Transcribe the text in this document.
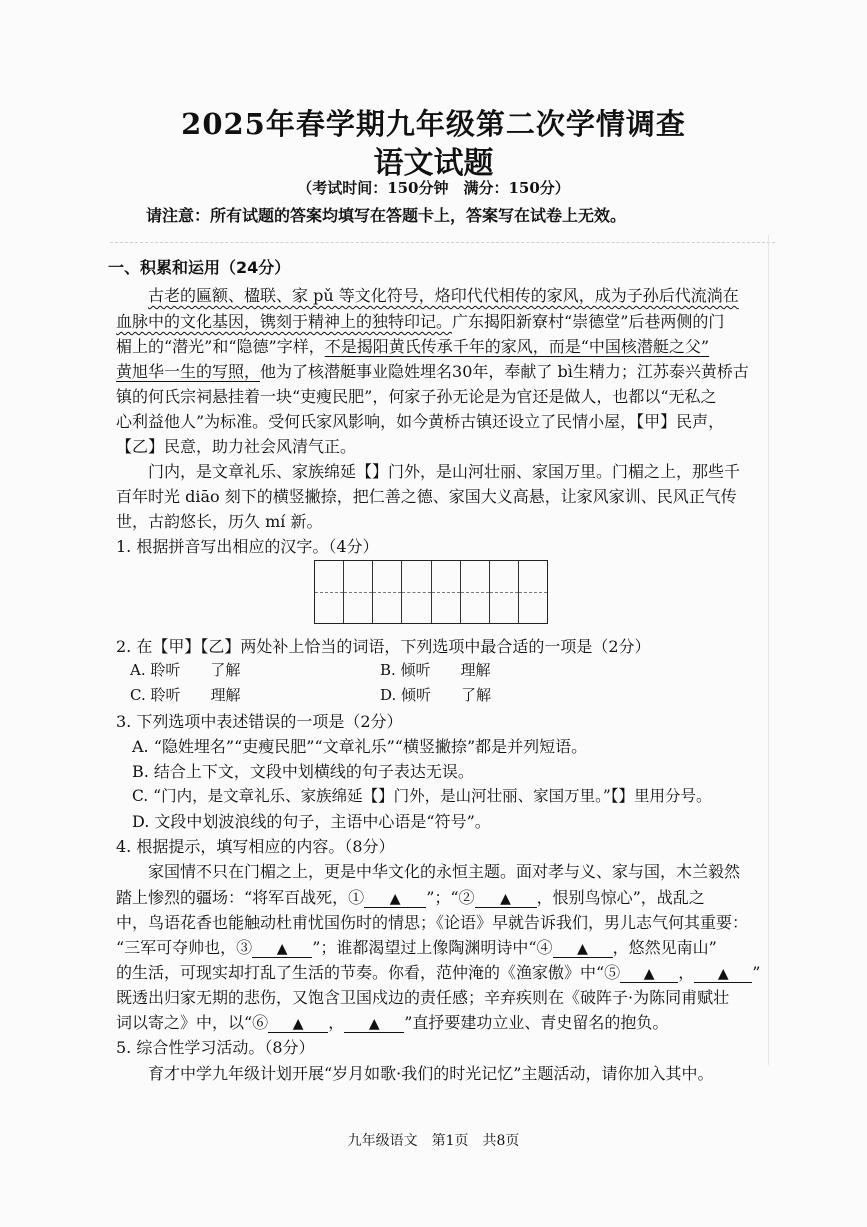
2025年春学期九年级第二次学情调查
语文试题
（考试时间：150分钟　满分：150分）
请注意：所有试题的答案均填写在答题卡上，答案写在试卷上无效。
一、积累和运用（24分）
古老的匾额、楹联、家 pǔ 等文化符号，烙印代代相传的家风，成为子孙后代流淌在
血脉中的文化基因，镌刻于精神上的独特印记。广东揭阳新寮村“崇德堂”后巷两侧的门
楣上的“潜光”和“隐德”字样，不是揭阳黄氏传承千年的家风，而是“中国核潜艇之父”
黄旭华一生的写照，他为了核潜艇事业隐姓埋名30年，奉献了 bì生精力；江苏泰兴黄桥古
镇的何氏宗祠悬挂着一块“吏瘦民肥”，何家子孙无论是为官还是做人，也都以“无私之
心利益他人”为标准。受何氏家风影响，如今黄桥古镇还设立了民情小屋，【甲】民声，
【乙】民意，助力社会风清气正。
门内，是文章礼乐、家族绵延【】门外，是山河壮丽、家国万里。门楣之上，那些千
百年时光 diāo 刻下的横竖撇捺，把仁善之德、家国大义高悬，让家风家训、民风正气传
世，古韵悠长，历久 mí 新。
1. 根据拼音写出相应的汉字。（4分）
2. 在【甲】【乙】两处补上恰当的词语，下列选项中最合适的一项是（2分）
A. 聆听　　了解	B. 倾听　　理解
C. 聆听　　理解	D. 倾听　　了解
3. 下列选项中表述错误的一项是（2分）
A. “隐姓埋名”“吏瘦民肥”“文章礼乐”“横竖撇捺”都是并列短语。
B. 结合上下文，文段中划横线的句子表达无误。
C. “门内，是文章礼乐、家族绵延【】门外，是山河壮丽、家国万里。”【】里用分号。
D. 文段中划波浪线的句子，主语中心语是“符号”。
4. 根据提示，填写相应的内容。（8分）
家国情不只在门楣之上，更是中华文化的永恒主题。面对孝与义、家与国，木兰毅然
踏上惨烈的疆场：“将军百战死，① ▲ ”；“② ▲ ，恨别鸟惊心”，战乱之
中，鸟语花香也能触动杜甫忧国伤时的情思；《论语》早就告诉我们，男儿志气何其重要：
“三军可夺帅也，③ ▲ ”；谁都渴望过上像陶渊明诗中“④ ▲ ，悠然见南山”
的生活，可现实却打乱了生活的节奏。你看，范仲淹的《渔家傲》中“⑤ ▲ ， ▲ ”
既透出归家无期的悲伤，又饱含卫国戍边的责任感；辛弃疾则在《破阵子·为陈同甫赋壮
词以寄之》中，以“⑥ ▲ ， ▲ ”直抒要建功立业、青史留名的抱负。
5. 综合性学习活动。（8分）
育才中学九年级计划开展“岁月如歌·我们的时光记忆”主题活动，请你加入其中。
九年级语文　第1页　共8页
